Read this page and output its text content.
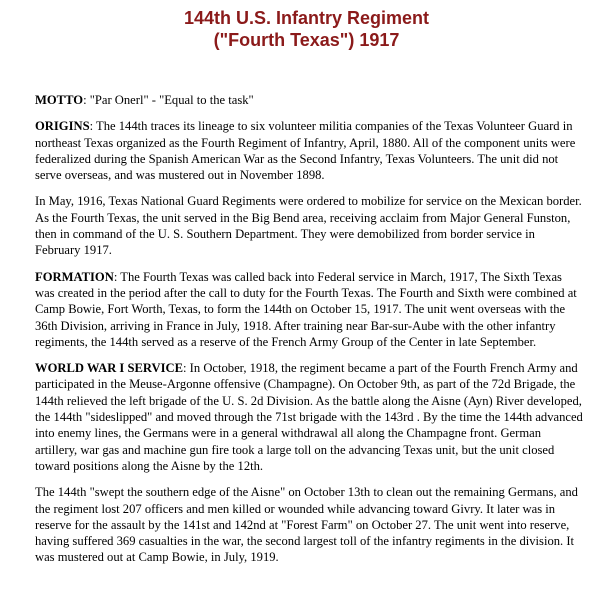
144th U.S. Infantry Regiment
("Fourth Texas") 1917

MOTTO: "Par Onerl" - "Equal to the task"

ORIGINS: The 144th traces its lineage to six volunteer militia companies of the Texas Volunteer Guard in northeast Texas organized as the Fourth Regiment of Infantry, April, 1880. All of the component units were federalized during the Spanish American War as the Second Infantry, Texas Volunteers. The unit did not serve overseas, and was mustered out in November 1898.

In May, 1916, Texas National Guard Regiments were ordered to mobilize for service on the Mexican border. As the Fourth Texas, the unit served in the Big Bend area, receiving acclaim from Major General Funston, then in command of the U. S. Southern Department. They were demobilized from border service in February 1917.

FORMATION: The Fourth Texas was called back into Federal service in March, 1917, The Sixth Texas was created in the period after the call to duty for the Fourth Texas. The Fourth and Sixth were combined at Camp Bowie, Fort Worth, Texas, to form the 144th on October 15, 1917. The unit went overseas with the 36th Division, arriving in France in July, 1918. After training near Bar-sur-Aube with the other infantry regiments, the 144th served as a reserve of the French Army Group of the Center in late September.

WORLD WAR I SERVICE: In October, 1918, the regiment became a part of the Fourth French Army and participated in the Meuse-Argonne offensive (Champagne). On October 9th, as part of the 72d Brigade, the 144th relieved the left brigade of the U. S. 2d Division. As the battle along the Aisne (Ayn) River developed, the 144th "sideslipped" and moved through the 71st brigade with the 143rd . By the time the 144th advanced into enemy lines, the Germans were in a general withdrawal all along the Champagne front. German artillery, war gas and machine gun fire took a large toll on the advancing Texas unit, but the unit closed toward positions along the Aisne by the 12th.

The 144th "swept the southern edge of the Aisne" on October 13th to clean out the remaining Germans, and the regiment lost 207 officers and men killed or wounded while advancing toward Givry. It later was in reserve for the assault by the 141st and 142nd at "Forest Farm" on October 27. The unit went into reserve, having suffered 369 casualties in the war, the second largest toll of the infantry regiments in the division. It was mustered out at Camp Bowie, in July, 1919.
